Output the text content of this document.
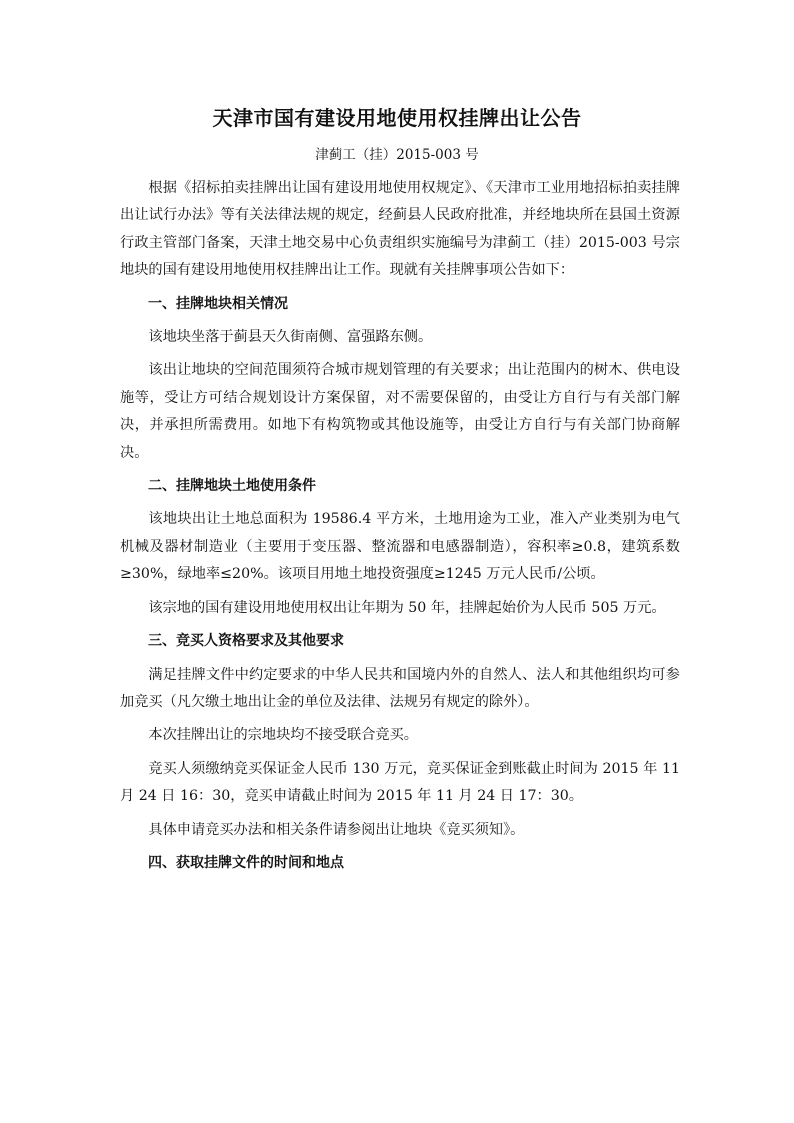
天津市国有建设用地使用权挂牌出让公告
津蓟工（挂）2015-003 号

根据《招标拍卖挂牌出让国有建设用地使用权规定》、《天津市工业用地招标拍卖挂牌出让试行办法》等有关法律法规的规定，经蓟县人民政府批准，并经地块所在县国土资源行政主管部门备案，天津土地交易中心负责组织实施编号为津蓟工（挂）2015-003 号宗地块的国有建设用地使用权挂牌出让工作。现就有关挂牌事项公告如下：

一、挂牌地块相关情况

该地块坐落于蓟县天久街南侧、富强路东侧。

该出让地块的空间范围须符合城市规划管理的有关要求；出让范围内的树木、供电设施等，受让方可结合规划设计方案保留，对不需要保留的，由受让方自行与有关部门解决，并承担所需费用。如地下有构筑物或其他设施等，由受让方自行与有关部门协商解决。

二、挂牌地块土地使用条件

该地块出让土地总面积为 19586.4 平方米，土地用途为工业，准入产业类别为电气机械及器材制造业（主要用于变压器、整流器和电感器制造），容积率≥0.8，建筑系数≥30%，绿地率≤20%。该项目用地土地投资强度≥1245 万元人民币/公顷。

该宗地的国有建设用地使用权出让年期为 50 年，挂牌起始价为人民币 505 万元。

三、竞买人资格要求及其他要求

满足挂牌文件中约定要求的中华人民共和国境内外的自然人、法人和其他组织均可参加竞买（凡欠缴土地出让金的单位及法律、法规另有规定的除外）。

本次挂牌出让的宗地块均不接受联合竞买。

竞买人须缴纳竞买保证金人民币 130 万元，竞买保证金到账截止时间为 2015 年 11 月 24 日 16：30，竞买申请截止时间为 2015 年 11 月 24 日 17：30。

具体申请竞买办法和相关条件请参阅出让地块《竞买须知》。

四、获取挂牌文件的时间和地点
